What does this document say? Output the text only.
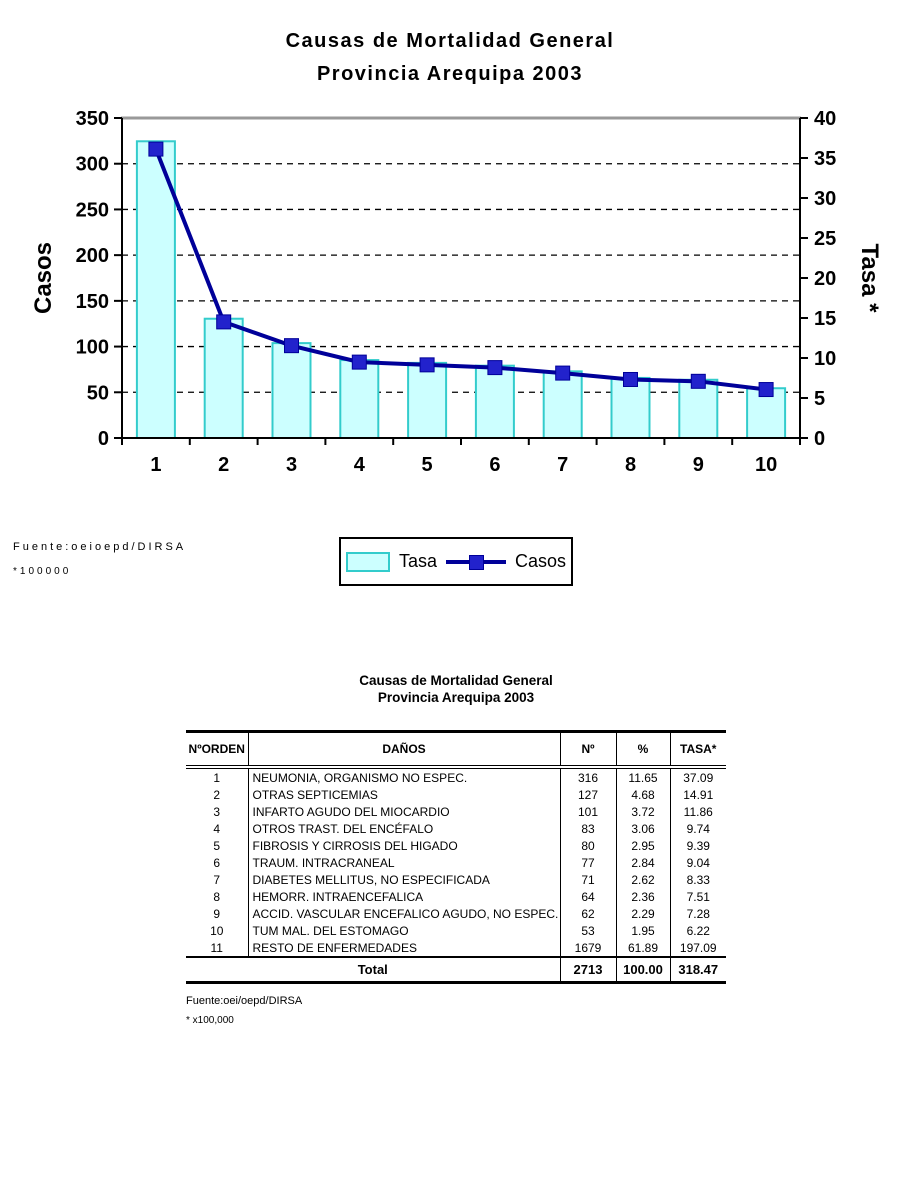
Causas de Mortalidad General
Provincia Arequipa 2003
0
50
100
150
200
250
300
350
0
5
10
15
20
25
30
35
40
1	2	3	4	5	6	7	8	9	10
Casos	Tasa *
Tasa	Casos
Fuente:oeioepd/DIRSA
*100000
Causas de Mortalidad General
Provincia Arequipa 2003
NºORDEN	DAÑOS	Nº	%	TASA*
1	NEUMONIA, ORGANISMO NO ESPEC.	316	11.65	37.09
2	OTRAS SEPTICEMIAS	127	4.68	14.91
3	INFARTO AGUDO DEL MIOCARDIO	101	3.72	11.86
4	OTROS TRAST. DEL ENCÉFALO	83	3.06	9.74
5	FIBROSIS Y CIRROSIS DEL HIGADO	80	2.95	9.39
6	TRAUM. INTRACRANEAL	77	2.84	9.04
7	DIABETES MELLITUS, NO ESPECIFICADA	71	2.62	8.33
8	HEMORR. INTRAENCEFALICA	64	2.36	7.51
9	ACCID. VASCULAR ENCEFALICO AGUDO, NO ESPEC.	62	2.29	7.28
10	TUM MAL. DEL ESTOMAGO	53	1.95	6.22
11	RESTO DE ENFERMEDADES	1679	61.89	197.09
Total		2713	100.00	318.47
Fuente:oei/oepd/DIRSA
* x100,000
